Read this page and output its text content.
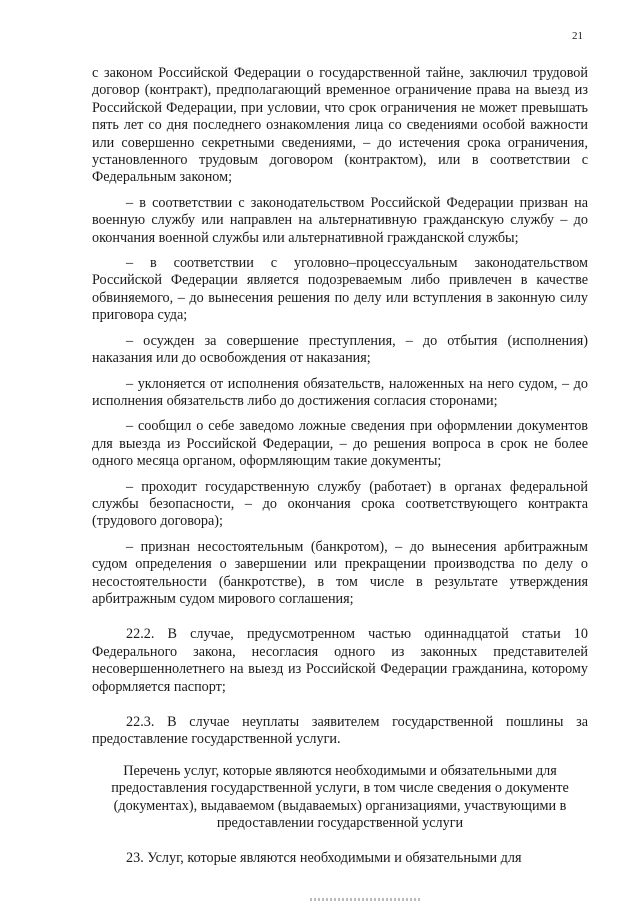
21

с законом Российской Федерации о государственной тайне, заключил трудовой договор (контракт), предполагающий временное ограничение права на выезд из Российской Федерации, при условии, что срок ограничения не может превышать пять лет со дня последнего ознакомления лица со сведениями особой важности или совершенно секретными сведениями, – до истечения срока ограничения, установленного трудовым договором (контрактом), или в соответствии с Федеральным законом;

– в соответствии с законодательством Российской Федерации призван на военную службу или направлен на альтернативную гражданскую службу – до окончания военной службы или альтернативной гражданской службы;

– в соответствии с уголовно–процессуальным законодательством Российской Федерации является подозреваемым либо привлечен в качестве обвиняемого, – до вынесения решения по делу или вступления в законную силу приговора суда;

– осужден за совершение преступления, – до отбытия (исполнения) наказания или до освобождения от наказания;

– уклоняется от исполнения обязательств, наложенных на него судом, – до исполнения обязательств либо до достижения согласия сторонами;

– сообщил о себе заведомо ложные сведения при оформлении документов для выезда из Российской Федерации, – до решения вопроса в срок не более одного месяца органом, оформляющим такие документы;

– проходит государственную службу (работает) в органах федеральной службы безопасности, – до окончания срока соответствующего контракта (трудового договора);

– признан несостоятельным (банкротом), – до вынесения арбитражным судом определения о завершении или прекращении производства по делу о несостоятельности (банкротстве), в том числе в результате утверждения арбитражным судом мирового соглашения;

22.2. В случае, предусмотренном частью одиннадцатой статьи 10 Федерального закона, несогласия одного из законных представителей несовершеннолетнего на выезд из Российской Федерации гражданина, которому оформляется паспорт;

22.3. В случае неуплаты заявителем государственной пошлины за предоставление государственной услуги.

Перечень услуг, которые являются необходимыми и обязательными для предоставления государственной услуги, в том числе сведения о документе (документах), выдаваемом (выдаваемых) организациями, участвующими в предоставлении государственной услуги

23. Услуг, которые являются необходимыми и обязательными для
